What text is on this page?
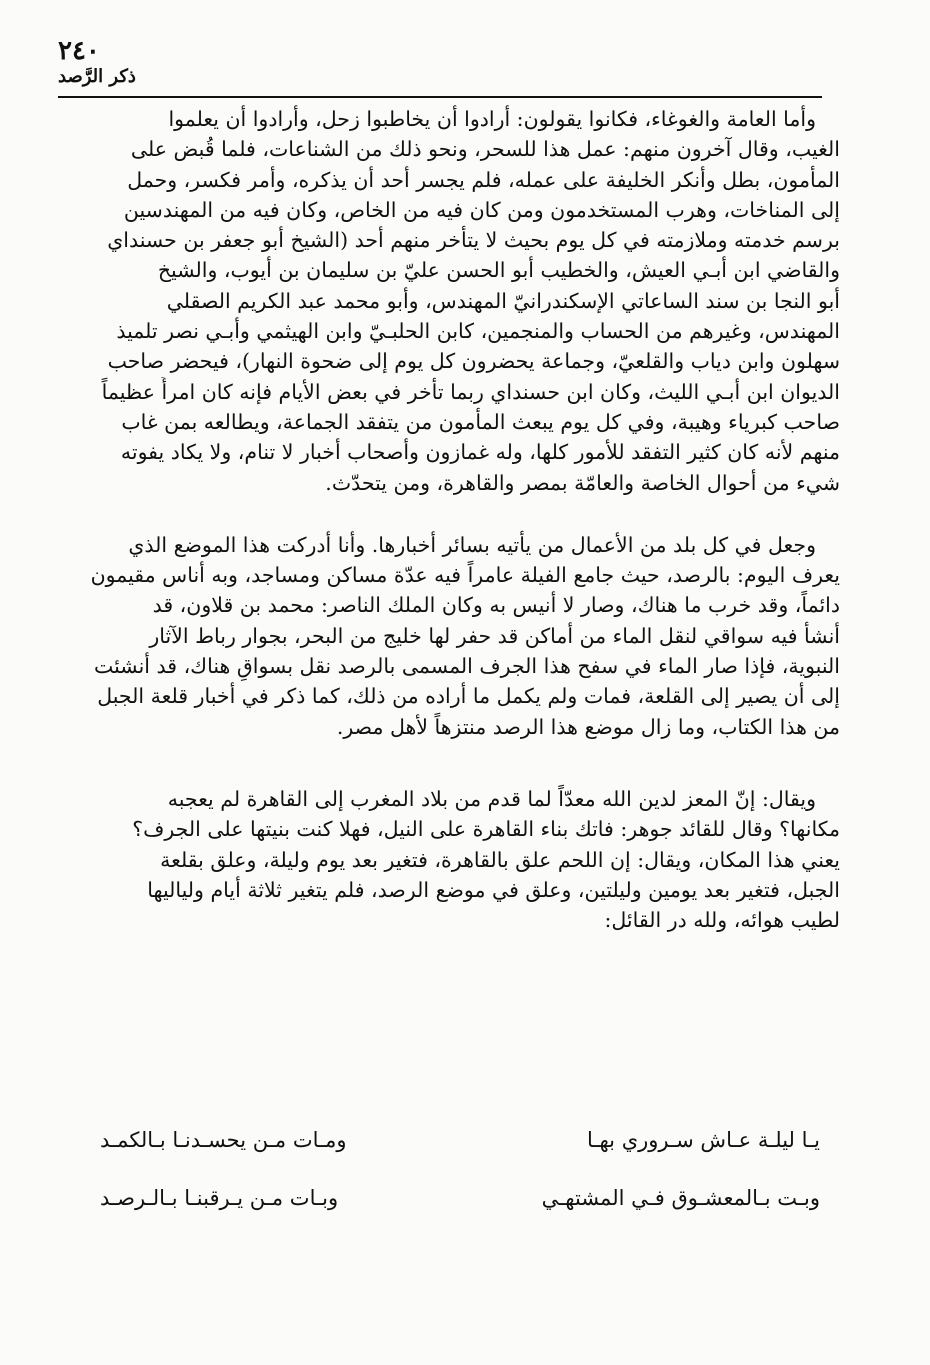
٢٤٠
ذكر الرَّصد

وأما العامة والغوغاء، فكانوا يقولون: أرادوا أن يخاطبوا زحل، وأرادوا أن يعلموا
الغيب، وقال آخرون منهم: عمل هذا للسحر، ونحو ذلك من الشناعات، فلما قُبض على
المأمون، بطل وأنكر الخليفة على عمله، فلم يجسر أحد أن يذكره، وأمر فكسر، وحمل
إلى المناخات، وهرب المستخدمون ومن كان فيه من الخاص، وكان فيه من المهندسين
برسم خدمته وملازمته في كل يوم بحيث لا يتأخر منهم أحد (الشيخ أبو جعفر بن حسنداي
والقاضي ابن أبـي العيش، والخطيب أبو الحسن عليّ بن سليمان بن أيوب، والشيخ
أبو النجا بن سند الساعاتي الإسكندرانيّ المهندس، وأبو محمد عبد الكريم الصقلي
المهندس، وغيرهم من الحساب والمنجمين، كابن الحلبـيّ وابن الهيثمي وأبـي نصر تلميذ
سهلون وابن دياب والقلعيّ، وجماعة يحضرون كل يوم إلى ضحوة النهار)، فيحضر صاحب
الديوان ابن أبـي الليث، وكان ابن حسنداي ربما تأخر في بعض الأيام فإنه كان امرأً عظيماً
صاحب كبرياء وهيبة، وفي كل يوم يبعث المأمون من يتفقد الجماعة، ويطالعه بمن غاب
منهم لأنه كان كثير التفقد للأمور كلها، وله غمازون وأصحاب أخبار لا تنام، ولا يكاد يفوته
شيء من أحوال الخاصة والعامّة بمصر والقاهرة، ومن يتحدّث.

وجعل في كل بلد من الأعمال من يأتيه بسائر أخبارها. وأنا أدركت هذا الموضع الذي
يعرف اليوم: بالرصد، حيث جامع الفيلة عامراً فيه عدّة مساكن ومساجد، وبه أناس مقيمون
دائماً، وقد خرب ما هناك، وصار لا أنيس به وكان الملك الناصر: محمد بن قلاون، قد
أنشأ فيه سواقي لنقل الماء من أماكن قد حفر لها خليج من البحر، بجوار رباط الآثار
النبوية، فإذا صار الماء في سفح هذا الجرف المسمى بالرصد نقل بسواقٍ هناك، قد أنشئت
إلى أن يصير إلى القلعة، فمات ولم يكمل ما أراده من ذلك، كما ذكر في أخبار قلعة الجبل
من هذا الكتاب، وما زال موضع هذا الرصد منتزهاً لأهل مصر.

ويقال: إنّ المعز لدين الله معدّاً لما قدم من بلاد المغرب إلى القاهرة لم يعجبه
مكانها؟ وقال للقائد جوهر: فاتك بناء القاهرة على النيل، فهلا كنت بنيتها على الجرف؟
يعني هذا المكان، ويقال: إن اللحم علق بالقاهرة، فتغير بعد يوم وليلة، وعلق بقلعة
الجبل، فتغير بعد يومين وليلتين، وعلق في موضع الرصد، فلم يتغير ثلاثة أيام ولياليها
لطيب هوائه، ولله در القائل:

يـا ليلـة عـاش سـروري بهـا
ومـات مـن يحسـدنـا بـالكمـد
وبـت بـالمعشـوق فـي المشتهـي
وبـات مـن يـرقبنـا بـالـرصـد
